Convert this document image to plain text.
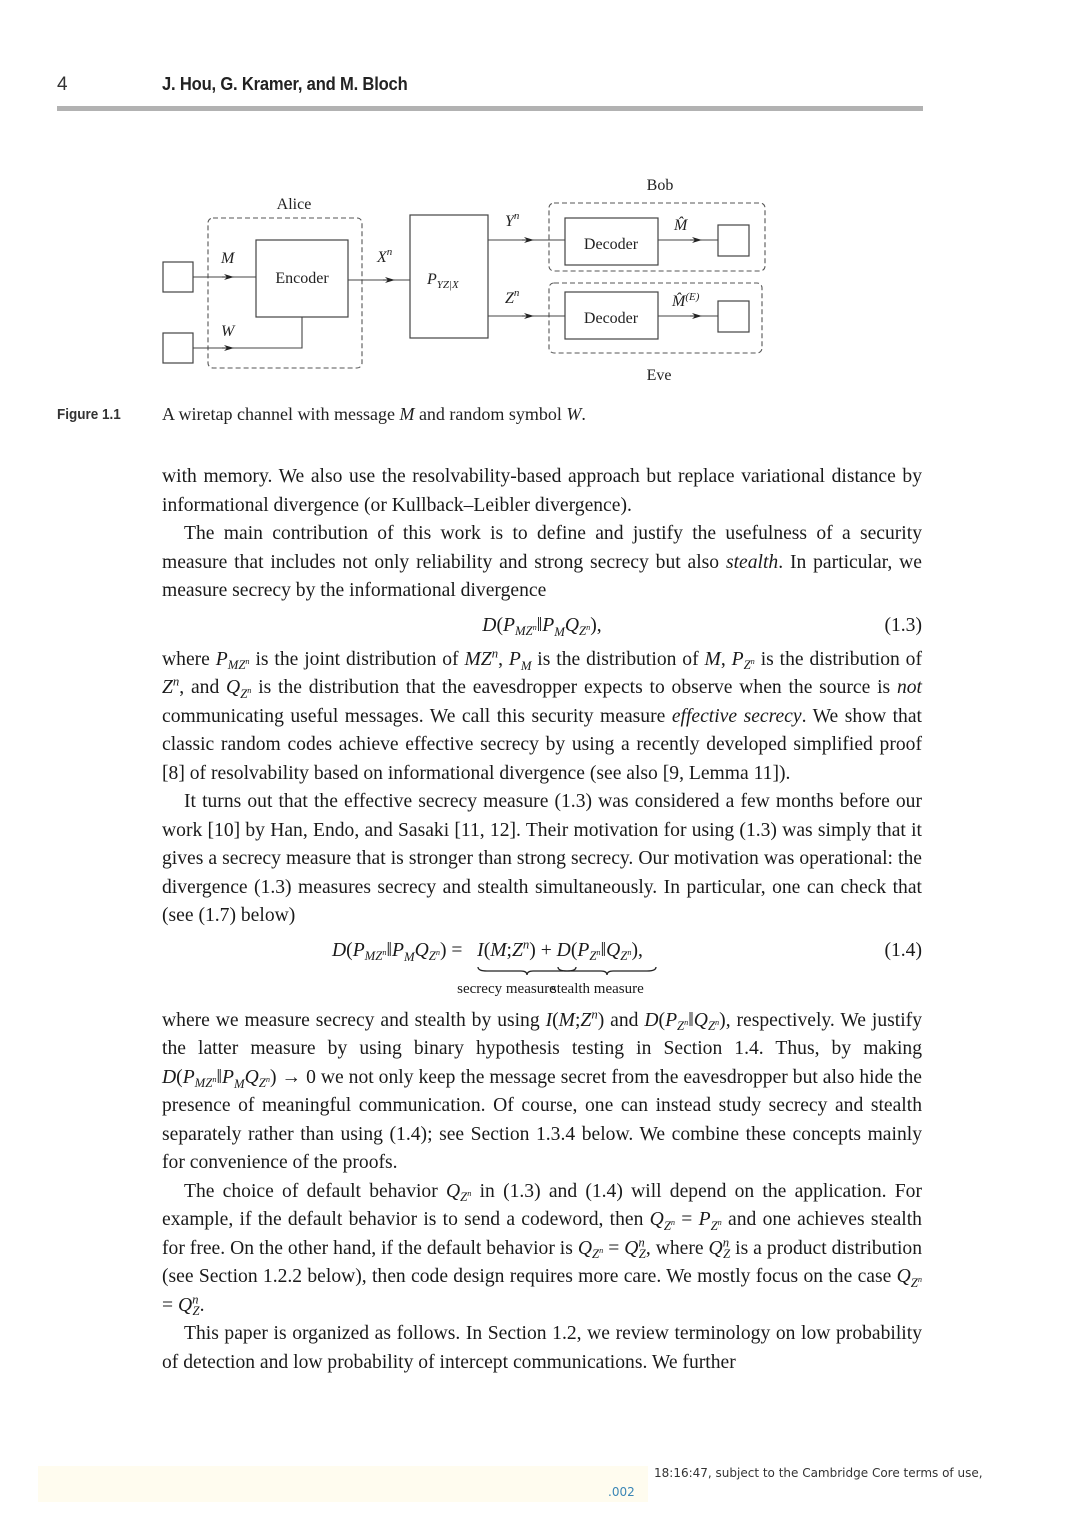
4	J. Hou, G. Kramer, and M. Bloch
Alice
Encoder
M
W
$X^n$
$P_{YZ|X}$
Bob
Decoder
$Y^n$
M̂
Eve
Decoder
$Z^n$	M̂$^{(E)}$
Figure 1.1 A wiretap channel with message M and random symbol W.

with memory. We also use the resolvability-based approach but replace variational distance by informational divergence (or Kullback–Leibler divergence).

The main contribution of this work is to define and justify the usefulness of a security measure that includes not only reliability and strong secrecy but also stealth. In particular, we measure secrecy by the informational divergence

$D(P_{MZ^n}‖P_MQ_{Z^n})$,	(1.3)

where $P_{MZ^n}$ is the joint distribution of $MZ^n$, $P_M$ is the distribution of M, $P_{Z^n}$ is the distribution of $Z^n$, and $Q_{Z^n}$ is the distribution that the eavesdropper expects to observe when the source is not communicating useful messages. We call this security measure effective secrecy. We show that classic random codes achieve effective secrecy by using a recently developed simplified proof [8] of resolvability based on informational divergence (see also [9, Lemma 11]).

It turns out that the effective secrecy measure (1.3) was considered a few months before our work [10] by Han, Endo, and Sasaki [11, 12]. Their motivation for using (1.3) was simply that it gives a secrecy measure that is stronger than strong secrecy. Our motivation was operational: the divergence (1.3) measures secrecy and stealth simultaneously. In particular, one can check that (see (1.7) below)

$D(P_{MZ^n}‖P_MQ_{Z^n})$ =   $I(M;Z^n)$
secrecy measure
+ $D(P_{Z^n}‖Q_{Z^n})$
stealth measure
,	(1.4)

where we measure secrecy and stealth by using $I(M;Z^n)$ and $D(P_{Z^n}‖Q_{Z^n})$, respectively. We justify the latter measure by using binary hypothesis testing in Section 1.4. Thus, by making $D(P_{MZ^n}‖P_MQ_{Z^n}) \to 0$ we not only keep the message secret from the eavesdropper but also hide the presence of meaningful communication. Of course, one can instead study secrecy and stealth separately rather than using (1.4); see Section 1.3.4 below. We combine these concepts mainly for convenience of the proofs.

The choice of default behavior $Q_{Z^n}$ in (1.3) and (1.4) will depend on the application. For example, if the default behavior is to send a codeword, then $Q_{Z^n} = P_{Z^n}$ and one achieves stealth for free. On the other hand, if the default behavior is $Q_{Z^n} = Q^n_Z$, where $Q^n_Z$ is a product distribution (see Section 1.2.2 below), then code design requires more care. We mostly focus on the case $Q_{Z^n} = Q^n_Z$.

This paper is organized as follows. In Section 1.2, we review terminology on low probability of detection and low probability of intercept communications. We further

.002
18:16:47, subject to the Cambridge Core terms of use,
